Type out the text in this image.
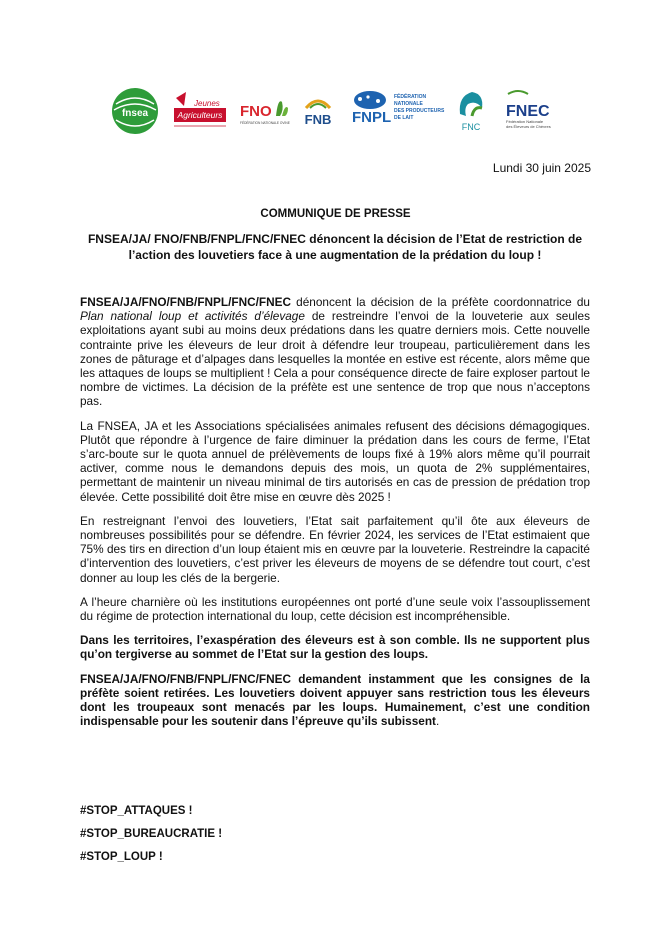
fnsea
Jeunes
Agriculteurs FNO
FÉDÉRATION NATIONALE OVINE FNB FNPL
FÉDÉRATION
NATIONALE
DES PRODUCTEURS
DE LAIT
FNC
FNEC
Fédération Nationale
des Éleveurs de Chèvres
Lundi 30 juin 2025
COMMUNIQUE DE PRESSE
FNSEA/JA/ FNO/FNB/FNPL/FNC/FNEC dénoncent la décision de l’Etat de restriction de l’action des louvetiers face à une augmentation de la prédation du loup !

FNSEA/JA/FNO/FNB/FNPL/FNC/FNEC dénoncent la décision de la préfète coordonnatrice du Plan national loup et activités d’élevage de restreindre l’envoi de la louveterie aux seules exploitations ayant subi au moins deux prédations dans les quatre derniers mois. Cette nouvelle contrainte prive les éleveurs de leur droit à défendre leur troupeau, particulièrement dans les zones de pâturage et d’alpages dans lesquelles la montée en estive est récente, alors même que les attaques de loups se multiplient ! Cela a pour conséquence directe de faire exploser partout le nombre de victimes. La décision de la préfète est une sentence de trop que nous n’acceptons pas.

La FNSEA, JA et les Associations spécialisées animales refusent des décisions démagogiques. Plutôt que répondre à l’urgence de faire diminuer la prédation dans les cours de ferme, l’Etat s’arc-boute sur le quota annuel de prélèvements de loups fixé à 19% alors même qu’il pourrait activer, comme nous le demandons depuis des mois, un quota de 2% supplémentaires, permettant de maintenir un niveau minimal de tirs autorisés en cas de pression de prédation trop élevée. Cette possibilité doit être mise en œuvre dès 2025 !

En restreignant l’envoi des louvetiers, l’Etat sait parfaitement qu’il ôte aux éleveurs de nombreuses possibilités pour se défendre. En février 2024, les services de l’Etat estimaient que 75% des tirs en direction d’un loup étaient mis en œuvre par la louveterie. Restreindre la capacité d’intervention des louvetiers, c’est priver les éleveurs de moyens de se défendre tout court, c’est donner au loup les clés de la bergerie.

A l’heure charnière où les institutions européennes ont porté d’une seule voix l’assouplissement du régime de protection international du loup, cette décision est incompréhensible.

Dans les territoires, l’exaspération des éleveurs est à son comble. Ils ne supportent plus qu’on tergiverse au sommet de l’Etat sur la gestion des loups.

FNSEA/JA/FNO/FNB/FNPL/FNC/FNEC demandent instamment que les consignes de la préfète soient retirées. Les louvetiers doivent appuyer sans restriction tous les éleveurs dont les troupeaux sont menacés par les loups. Humainement, c’est une condition indispensable pour les soutenir dans l’épreuve qu’ils subissent.

#STOP_ATTAQUES !
#STOP_BUREAUCRATIE !
#STOP_LOUP !
